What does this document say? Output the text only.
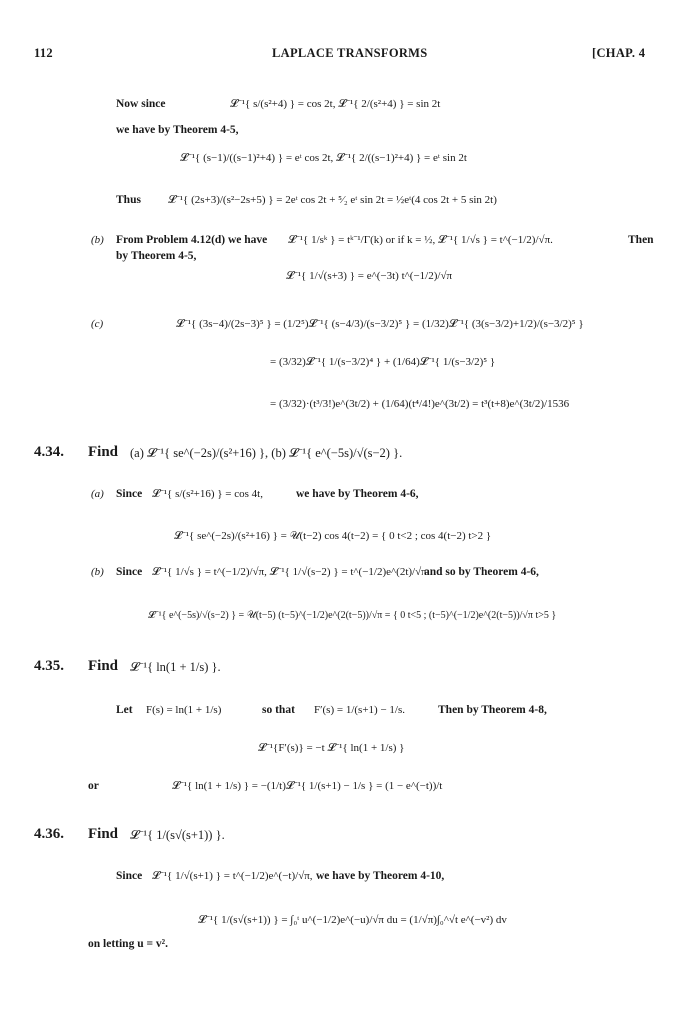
112	LAPLACE TRANSFORMS	[CHAP. 4
Now since	𝓛⁻¹{ s/(s²+4) } = cos 2t, 𝓛⁻¹{ 2/(s²+4) } = sin 2t
we have by Theorem 4-5,
𝓛⁻¹{ (s−1)/((s−1)²+4) } = eᵗ cos 2t, 𝓛⁻¹{ 2/((s−1)²+4) } = eᵗ sin 2t
Thus 𝓛⁻¹{ (2s+3)/(s²−2s+5) } = 2eᵗ cos 2t + ⁵⁄₂ eᵗ sin 2t = ½eᵗ(4 cos 2t + 5 sin 2t)
(b) From Problem 4.12(d) we have 𝓛⁻¹{ 1/sᵏ } = tᵏ⁻¹/Γ(k) or if k = ½, 𝓛⁻¹{ 1/√s } = t^(−1/2)/√π.	Then
by Theorem 4-5,
𝓛⁻¹{ 1/√(s+3) } = e^(−3t) t^(−1/2)/√π
(c)	𝓛⁻¹{ (3s−4)/(2s−3)⁵ } = (1/2⁵)𝓛⁻¹{ (s−4/3)/(s−3/2)⁵ } = (1/32)𝓛⁻¹{ (3(s−3/2)+1/2)/(s−3/2)⁵ }
= (3/32)𝓛⁻¹{ 1/(s−3/2)⁴ } + (1/64)𝓛⁻¹{ 1/(s−3/2)⁵ }
= (3/32)·(t³/3!)e^(3t/2) + (1/64)(t⁴/4!)e^(3t/2) = t³(t+8)e^(3t/2)/1536
4.34. Find (a) 𝓛⁻¹{ se^(−2s)/(s²+16) }, (b) 𝓛⁻¹{ e^(−5s)/√(s−2) }.
(a) Since 𝓛⁻¹{ s/(s²+16) } = cos 4t,	we have by Theorem 4-6,
𝓛⁻¹{ se^(−2s)/(s²+16) } = 𝒰(t−2) cos 4(t−2) = { 0 t<2 ; cos 4(t−2) t>2 }
(b) Since 𝓛⁻¹{ 1/√s } = t^(−1/2)/√π, 𝓛⁻¹{ 1/√(s−2) } = t^(−1/2)e^(2t)/√π
and so by Theorem 4-6,
𝓛⁻¹{ e^(−5s)/√(s−2) } = 𝒰(t−5) (t−5)^(−1/2)e^(2(t−5))/√π = { 0 t<5 ; (t−5)^(−1/2)e^(2(t−5))/√π t>5 }
4.35. Find 𝓛⁻¹{ ln(1 + 1/s) }.
Let F(s) = ln(1 + 1/s)	so that F′(s) = 1/(s+1) − 1/s.	Then by Theorem 4-8,
𝓛⁻¹{F′(s)} = −t 𝓛⁻¹{ ln(1 + 1/s) }
or	𝓛⁻¹{ ln(1 + 1/s) } = −(1/t)𝓛⁻¹{ 1/(s+1) − 1/s } = (1 − e^(−t))/t
4.36. Find 𝓛⁻¹{ 1/(s√(s+1)) }.
Since 𝓛⁻¹{ 1/√(s+1) } = t^(−1/2)e^(−t)/√π, we have by Theorem 4-10,
𝓛⁻¹{ 1/(s√(s+1)) } = ∫₀ᵗ u^(−1/2)e^(−u)/√π du = (1/√π)∫₀^√t e^(−v²) dv
on letting u = v².
